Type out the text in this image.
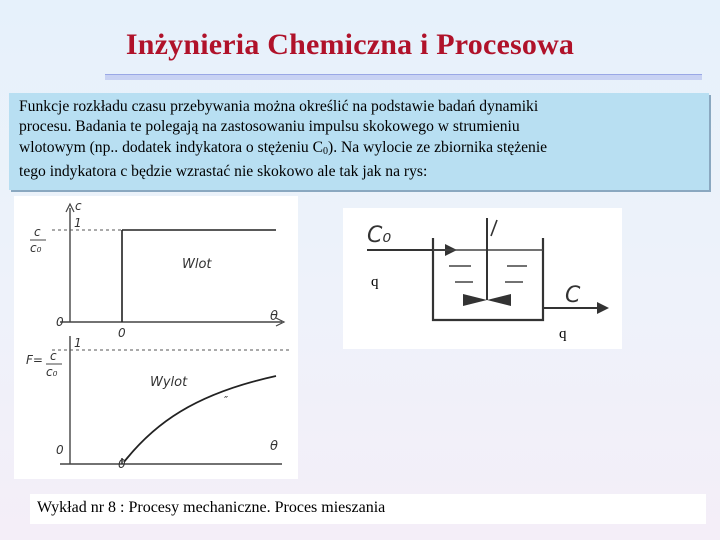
Inżynieria Chemiczna i Procesowa
Funkcje rozkładu czasu przebywania można określić na podstawie badań dynamiki
procesu. Badania te polegają na zastosowaniu impulsu skokowego w strumieniu
wlotowym (np.. dodatek indykatora o stężeniu $C_0$). Na wylocie ze zbiornika stężenie
tego indykatora c będzie wzrastać nie skokowo ale tak jak na rys:
c
c₀
c
1
0
0
θ
Wlot
F= c
c₀
1
Wylot
″
0
0
θ
C₀
C
q
q
Wykład nr 8 : Procesy mechaniczne. Proces mieszania
